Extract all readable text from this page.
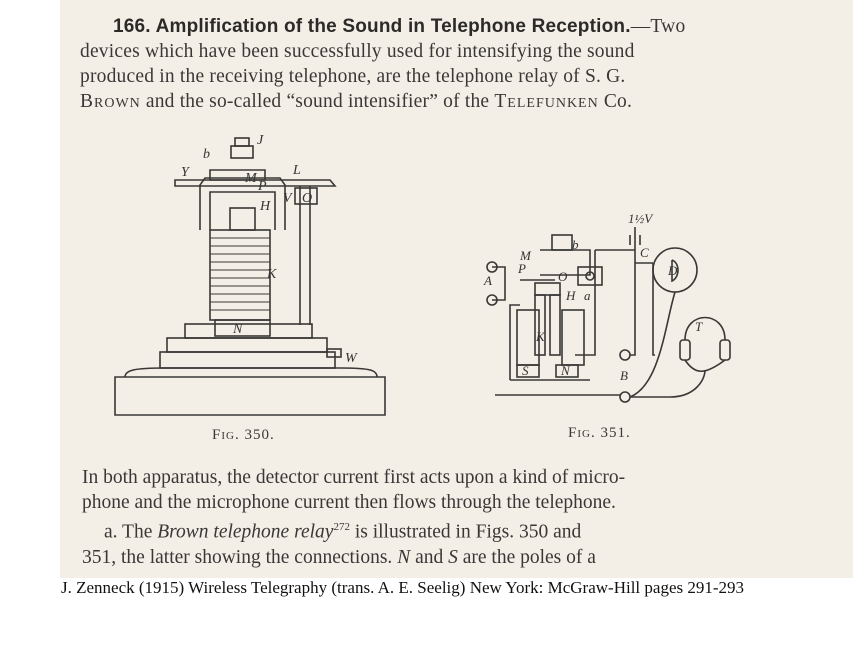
166. Amplification of the Sound in Telephone Reception.—Two
devices which have been successfully used for intensifying the sound
produced in the receiving telephone, are the telephone relay of S. G.
Brown and the so-called “sound intensifier” of the Telefunken Co.
J
b
Y	M
P
L
H
V O
K
N
W
1½V
b
M
P
O
C
D
A
H a
T
K
S	N	B
Fig. 350.	Fig. 351.
In both apparatus, the detector current first acts upon a kind of micro-
phone and the microphone current then flows through the telephone.
a. The Brown telephone relay$^{272}$ is illustrated in Figs. 350 and
351, the latter showing the connections. N and S are the poles of a
J. Zenneck (1915) Wireless Telegraphy (trans. A. E. Seelig) New York: McGraw-Hill pages 291-293
